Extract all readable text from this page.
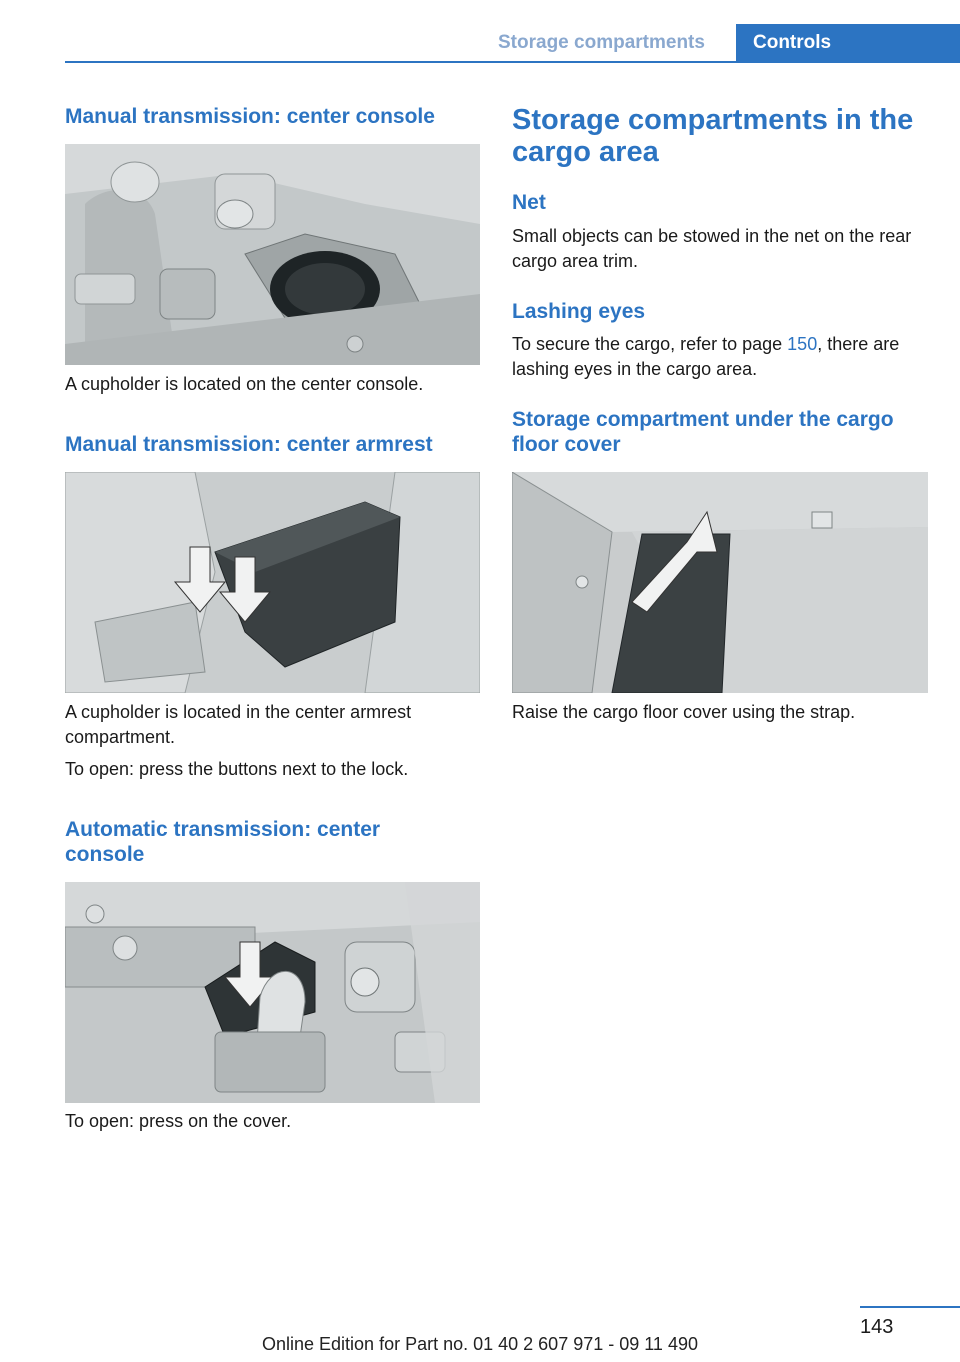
Storage compartments	Controls
Manual transmission: center console

A cupholder is located on the center console.

Manual transmission: center armrest

A cupholder is located in the center armrest compartment.

To open: press the buttons next to the lock.

Automatic transmission: center console

To open: press on the cover.

Storage compartments in the cargo area
Net

Small objects can be stowed in the net on the rear cargo area trim.

Lashing eyes

To secure the cargo, refer to page 150, there are lashing eyes in the cargo area.

Storage compartment under the cargo floor cover

Raise the cargo floor cover using the strap.

143
Online Edition for Part no. 01 40 2 607 971 - 09 11 490
